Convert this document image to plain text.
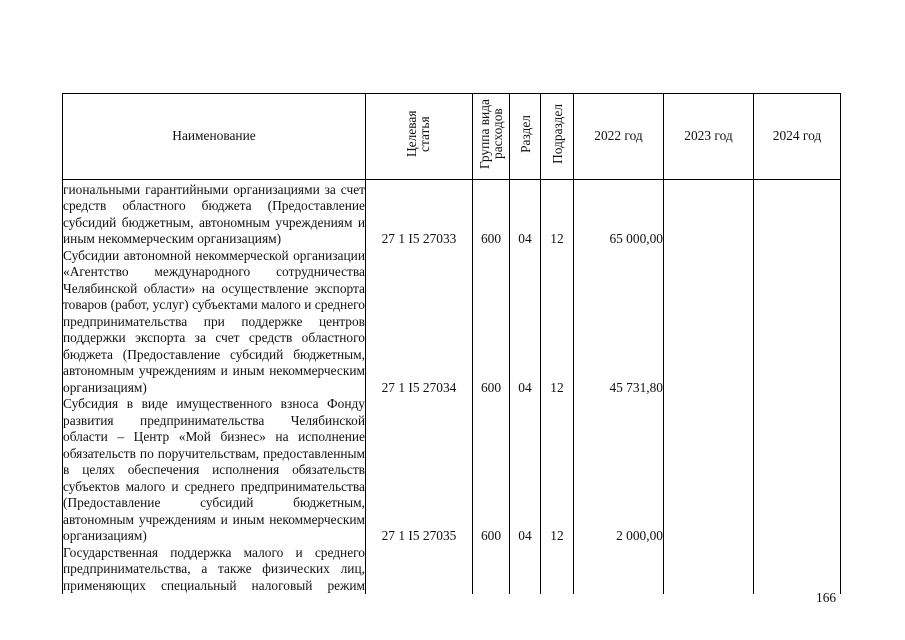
Наименование	Целевая статья	Группа вида расходов	Раздел	Подраздел	2022 год	2023 год	2024 год
гиональными гарантийными организациями за счет средств областного бюджета (Предоставление субсидий бюджетным, автономным учреждениям и иным некоммерческим организациям)	27 1 I5 27033	600	04	12	65 000,00		
Субсидии автономной некоммерческой организации «Агентство международного сотрудничества Челябинской области» на осуществление экспорта товаров (работ, услуг) субъектами малого и среднего предпринимательства при поддержке центров поддержки экспорта за счет средств областного бюджета (Предоставление субсидий бюджетным, автономным учреждениям и иным некоммерческим организациям)	27 1 I5 27034	600	04	12	45 731,80		
Субсидия в виде имущественного взноса Фонду развития предпринимательства Челябинской области – Центр «Мой бизнес» на исполнение обязательств по поручительствам, предоставленным в целях обеспечения исполнения обязательств субъектов малого и среднего предпринимательства (Предоставление субсидий бюджетным, автономным учреждениям и иным некоммерческим организациям)	27 1 I5 27035	600	04	12	2 000,00		
Государственная поддержка малого и среднего предпринимательства, а также физических лиц, применяющих специальный налоговый режим							
166
